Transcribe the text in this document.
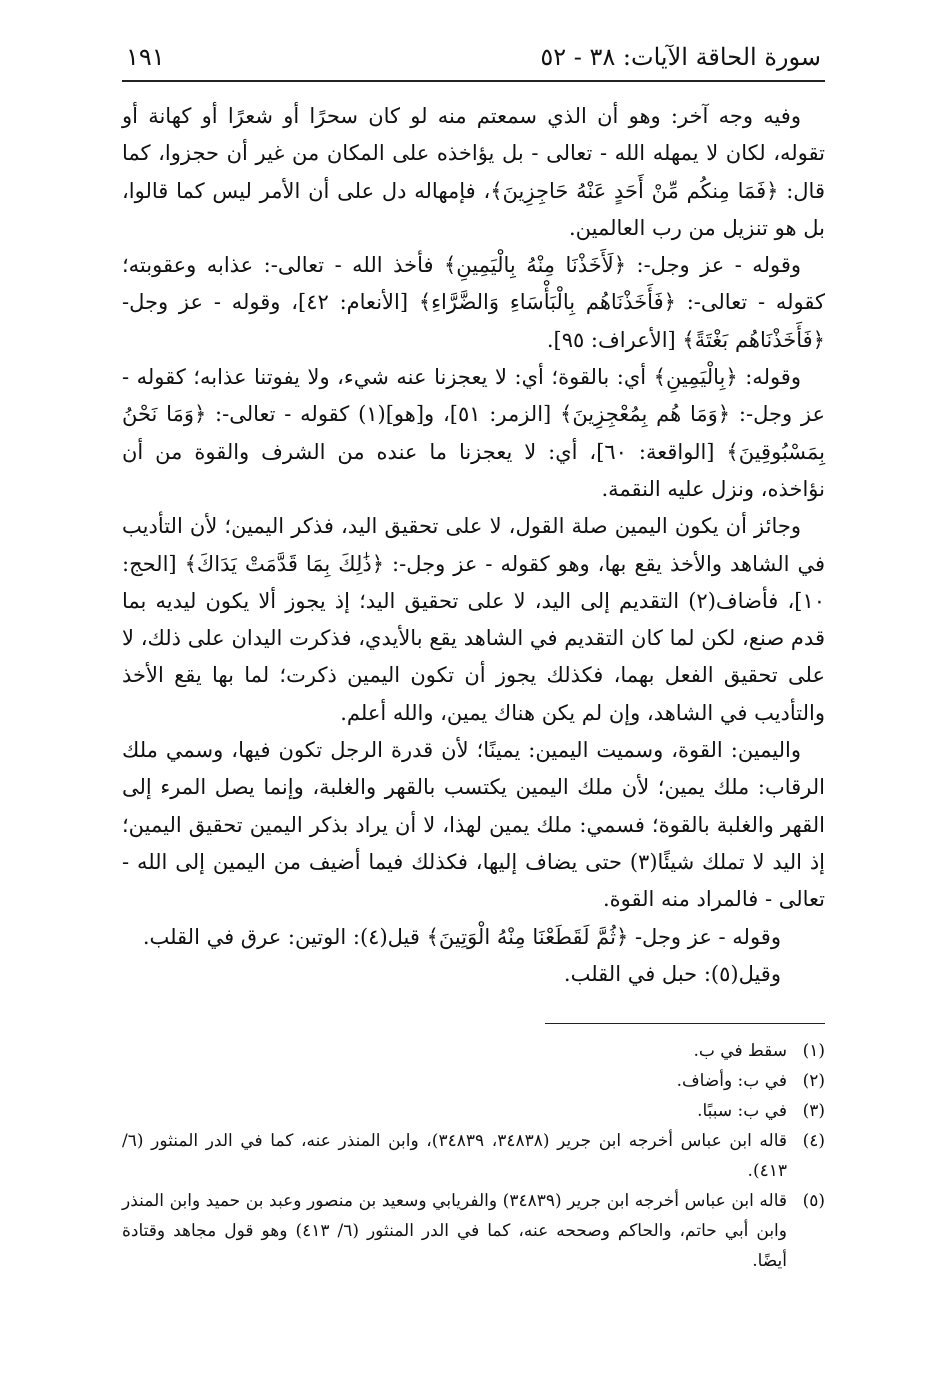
سورة الحاقة الآيات: ٣٨ - ٥٢
١٩١

وفيه وجه آخر: وهو أن الذي سمعتم منه لو كان سحرًا أو شعرًا أو كهانة أو تقوله، لكان لا يمهله الله - تعالى - بل يؤاخذه على المكان من غير أن حجزوا، كما قال: ﴿فَمَا مِنكُم مِّنْ أَحَدٍ عَنْهُ حَاجِزِينَ﴾، فإمهاله دل على أن الأمر ليس كما قالوا، بل هو تنزيل من رب العالمين.

وقوله - عز وجل-: ﴿لَأَخَذْنَا مِنْهُ بِالْيَمِينِ﴾ فأخذ الله - تعالى-: عذابه وعقوبته؛ كقوله - تعالى-: ﴿فَأَخَذْنَاهُم بِالْبَأْسَاءِ وَالضَّرَّاءِ﴾ [الأنعام: ٤٢]، وقوله - عز وجل- ﴿فَأَخَذْنَاهُم بَغْتَةً﴾ [الأعراف: ٩٥].

وقوله: ﴿بِالْيَمِينِ﴾ أي: بالقوة؛ أي: لا يعجزنا عنه شيء، ولا يفوتنا عذابه؛ كقوله - عز وجل-: ﴿وَمَا هُم بِمُعْجِزِينَ﴾ [الزمر: ٥١]، و[هو](١) كقوله - تعالى-: ﴿وَمَا نَحْنُ بِمَسْبُوقِينَ﴾ [الواقعة: ٦٠]، أي: لا يعجزنا ما عنده من الشرف والقوة من أن نؤاخذه، ونزل عليه النقمة.

وجائز أن يكون اليمين صلة القول، لا على تحقيق اليد، فذكر اليمين؛ لأن التأديب في الشاهد والأخذ يقع بها، وهو كقوله - عز وجل-: ﴿ذَٰلِكَ بِمَا قَدَّمَتْ يَدَاكَ﴾ [الحج: ١٠]، فأضاف(٢) التقديم إلى اليد، لا على تحقيق اليد؛ إذ يجوز ألا يكون ليديه بما قدم صنع، لكن لما كان التقديم في الشاهد يقع بالأيدي، فذكرت اليدان على ذلك، لا على تحقيق الفعل بهما، فكذلك يجوز أن تكون اليمين ذكرت؛ لما بها يقع الأخذ والتأديب في الشاهد، وإن لم يكن هناك يمين، والله أعلم.

واليمين: القوة، وسميت اليمين: يمينًا؛ لأن قدرة الرجل تكون فيها، وسمي ملك الرقاب: ملك يمين؛ لأن ملك اليمين يكتسب بالقهر والغلبة، وإنما يصل المرء إلى القهر والغلبة بالقوة؛ فسمي: ملك يمين لهذا، لا أن يراد بذكر اليمين تحقيق اليمين؛ إذ اليد لا تملك شيئًا(٣) حتى يضاف إليها، فكذلك فيما أضيف من اليمين إلى الله - تعالى - فالمراد منه القوة.

وقوله - عز وجل- ﴿ثُمَّ لَقَطَعْنَا مِنْهُ الْوَتِينَ﴾ قيل(٤): الوتين: عرق في القلب.

وقيل(٥): حبل في القلب.

(١)
سقط في ب.
(٢)
في ب: وأضاف.
(٣)
في ب: سببًا.
(٤)
قاله ابن عباس أخرجه ابن جرير (٣٤٨٣٨، ٣٤٨٣٩)، وابن المنذر عنه، كما في الدر المنثور (٦/ ٤١٣).
(٥)
قاله ابن عباس أخرجه ابن جرير (٣٤٨٣٩) والفريابي وسعيد بن منصور وعبد بن حميد وابن المنذر وابن أبي حاتم، والحاكم وصححه عنه، كما في الدر المنثور (٦/ ٤١٣) وهو قول مجاهد وقتادة أيضًا.
